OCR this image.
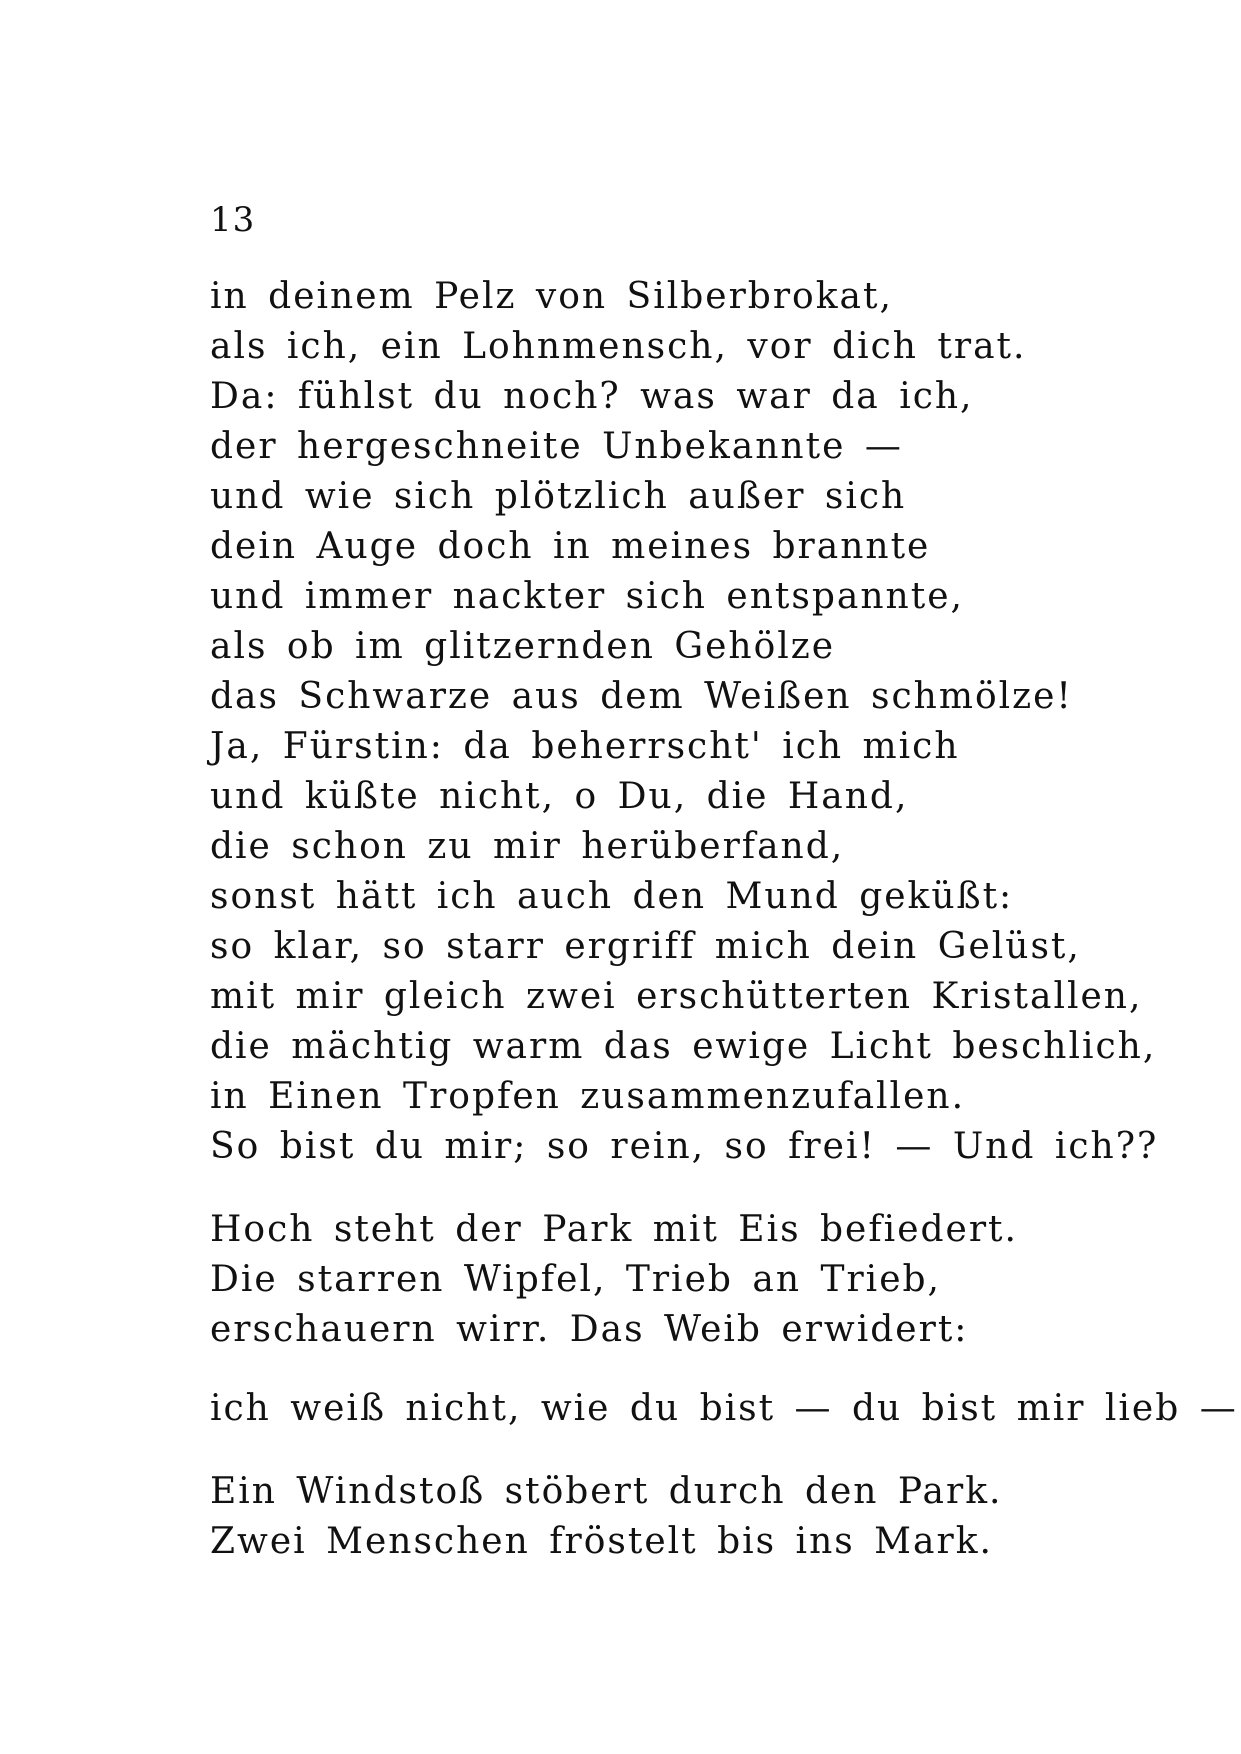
13
in deinem Pelz von Silberbrokat,
als ich, ein Lohnmensch, vor dich trat.
Da: fühlst du noch? was war da ich,
der hergeschneite Unbekannte —
und wie sich plötzlich außer sich
dein Auge doch in meines brannte
und immer nackter sich entspannte,
als ob im glitzernden Gehölze
das Schwarze aus dem Weißen schmölze!
Ja, Fürstin: da beherrscht' ich mich
und küßte nicht, o Du, die Hand,
die schon zu mir herüberfand,
sonst hätt ich auch den Mund geküßt:
so klar, so starr ergriff mich dein Gelüst,
mit mir gleich zwei erschütterten Kristallen,
die mächtig warm das ewige Licht beschlich,
in Einen Tropfen zusammenzufallen.
So bist du mir; so rein, so frei! — Und ich??
Hoch steht der Park mit Eis befiedert.
Die starren Wipfel, Trieb an Trieb,
erschauern wirr. Das Weib erwidert:
ich weiß nicht, wie du bist — du bist mir lieb —
Ein Windstoß stöbert durch den Park.
Zwei Menschen fröstelt bis ins Mark.
